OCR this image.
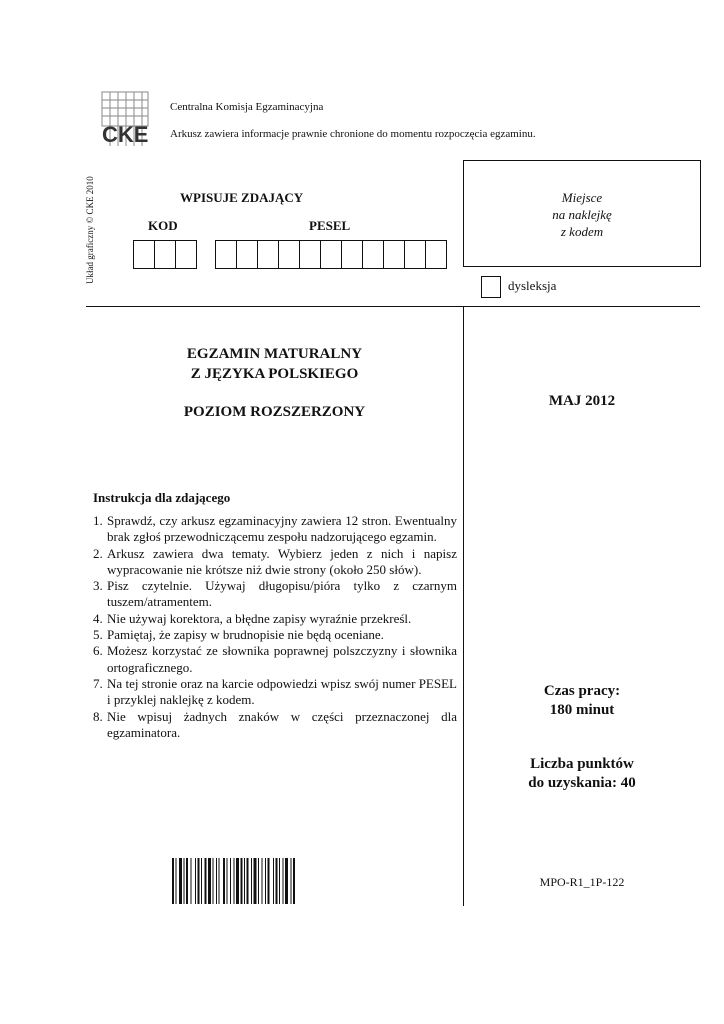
CKE
Centralna Komisja Egzaminacyjna
Arkusz zawiera informacje prawnie chronione do momentu rozpoczęcia egzaminu.
Układ graficzny © CKE 2010	WPISUJE ZDAJĄCY
KOD	PESEL
Miejsce
na naklejkę
z kodem
dysleksja
EGZAMIN MATURALNY
Z JĘZYKA POLSKIEGO
POZIOM ROZSZERZONY
MAJ 2012
Instrukcja dla zdającego
1. Sprawdź, czy arkusz egzaminacyjny zawiera 12 stron. Ewentualny brak zgłoś przewodniczącemu zespołu nadzorującego egzamin.
2. Arkusz zawiera dwa tematy. Wybierz jeden z nich i napisz wypracowanie nie krótsze niż dwie strony (około 250 słów).
3. Pisz czytelnie. Używaj długopisu/pióra tylko z czarnym tuszem/atramentem.
4. Nie używaj korektora, a błędne zapisy wyraźnie przekreśl.
5. Pamiętaj, że zapisy w brudnopisie nie będą oceniane.
6. Możesz korzystać ze słownika poprawnej polszczyzny i słownika ortograficznego.
7. Na tej stronie oraz na karcie odpowiedzi wpisz swój numer PESEL i przyklej naklejkę z kodem.
8. Nie wpisuj żadnych znaków w części przeznaczonej dla egzaminatora.
Czas pracy:
180 minut
Liczba punktów
do uzyskania: 40
MPO-R1_1P-122
